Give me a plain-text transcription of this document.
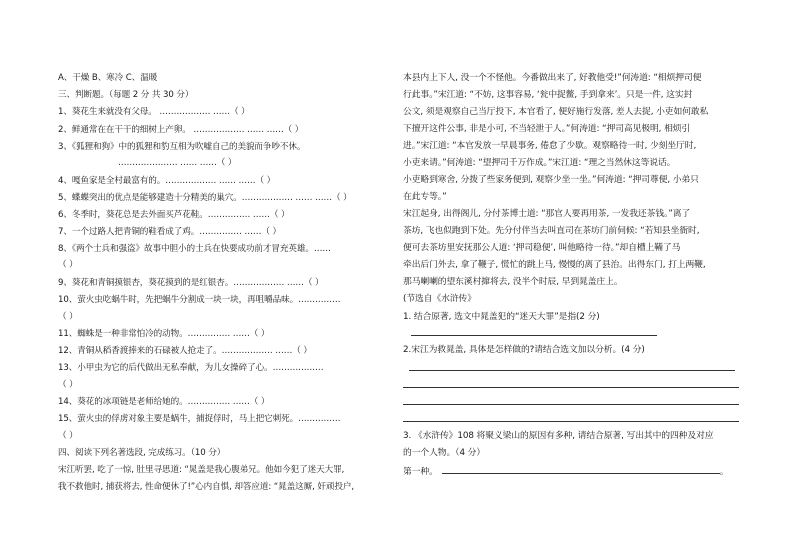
A、干燥 B、寒冷 C、温暖
三、判断题。（每题 2 分 共 30 分）
1、葵花生来就没有父母。 ……………… ……（ ）
2、鲜通常在在干干的细树上产卵。 ……………… …… ……（ ）
3、《狐狸和狗》中的狐狸和豹互相为吹嘘自己的美貌而争吵不休。
………………… …… ……（ ）
4、嘎鱼家是全村最富有的。……………… …… ……（ ）
5、蝶蝶突出的优点是能够建造十分精美的巢穴。……………… …… ……（ ）
6、冬季时，葵花总是去外面买芦花鞋。…………… ……（ ）
7、一个过路人把青铜的鞋看成了鸡。…………… ……（ ）
8、《两个士兵和强盗》故事中胆小的士兵在快要成功前才冒充英雄。……
（ ）
9、葵花和青铜摸银杏，葵花摸到的是红银杏。……………… ……（ ）
10、萤火虫吃蜗牛时，先把蜗牛分割成一块一块，再咀嚼品味。……………
（ ）
11、蜘蛛是一种非常怕冷的动物。…………… ……（ ）
12、青铜从稻香渡捧来的石碌被人抢走了。……………… ……（ ）
13、小甲虫为它的后代做出无私奉献，为儿女操碎了心。………………
（ ）
14、葵花的冰项链是老师给她的。…………… ……（ ）
15、萤火虫的俘虏对象主要是蜗牛，捕捉俘时，马上把它刺死。……………
（ ）
四、阅读下列名著选段, 完成练习。（10 分）
宋江听罢, 吃了一惊, 肚里寻思道: “晁盖是我心腹弟兄。他如今犯了迷天大罪,
我不救他时, 捕获将去, 性命便休了!”心内自惧, 却答应道: “晁盖这厮, 奸顽投户,
本县内上下人, 没一个不怪他。今番做出来了, 好教他受!”何涛道: “相烦押司便
行此事。”宋江道: “不妨, 这事容易, ‘瓮中捉鳖, 手到拿来’。只是一件, 这实封
公文, 须是观察自己当厅投下, 本官看了, 便好施行发落, 差人去捉, 小吏如何敢私
下擅开这件公事, 非是小可, 不当轻泄于人。”何涛道: “押司高见极明, 相烦引
进。”宋江道: “本官发放一早晨事务, 倦怠了少歇。观察略待一时, 少刻坐厅时,
小吏来请。”何涛道: “望押司千万作成。”宋江道: “理之当然休这等说话。
小吏略到寒舍, 分拨了些家务便到, 观察少坐一坐。”何涛道: “押司尊便, 小弟只
在此专等。”
宋江起身, 出得阁儿, 分付茶博士道: “那官人要再用茶, 一发我还茶钱。”离了
茶坊, 飞也似跑到下处。先分付伴当去叫直司在茶坊门前伺候: “若知县坐衙时,
便可去茶坊里安抚那公人道: ‘押司稳便’, 叫他略待一待。”却自槽上鞴了马
牵出后门外去, 拿了鞭子, 慌忙的跳上马, 慢慢的离了县治。出得东门, 打上两鞭,
那马喇喇的望东溪村撺将去, 没半个时辰, 早到晁盖庄上。
(节选自《水浒传》
1. 结合原著, 选文中晁盖犯的“迷天大罪”是指(2 分)
2.宋江为救晁盖, 具体是怎样做的?请结合选文加以分析。(4 分)
3. 《水浒传》108 将聚义梁山的原因有多种, 请结合原著, 写出其中的四种及对应
的一个人物。（4 分）
第一种。	。
